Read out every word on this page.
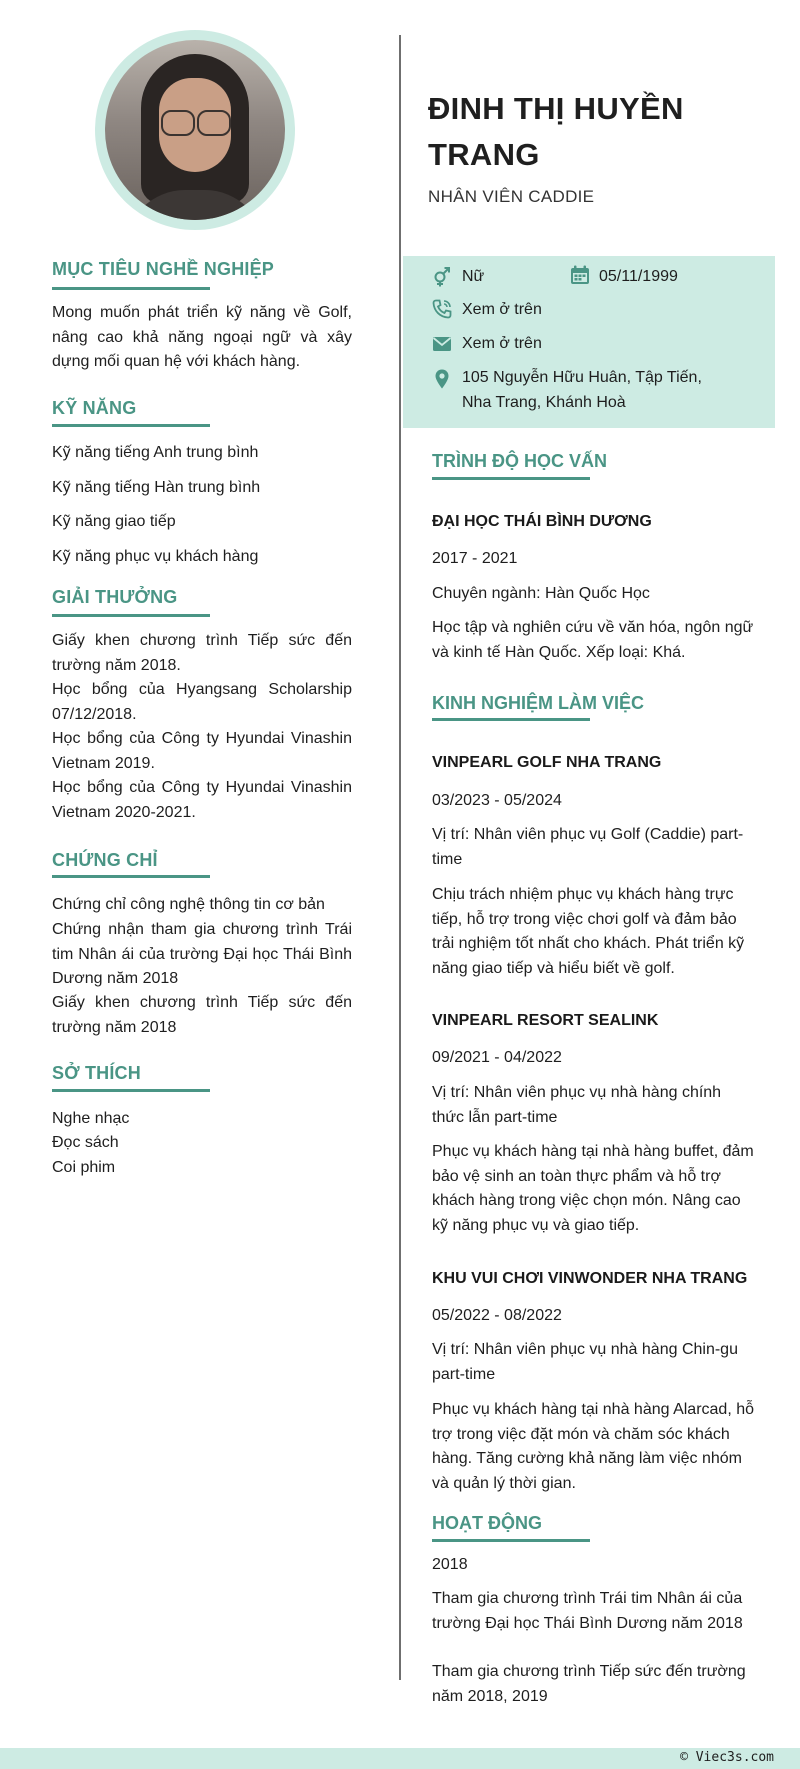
MỤC TIÊU NGHỀ NGHIỆP
Mong muốn phát triển kỹ năng về Golf, nâng cao khả năng ngoại ngữ và xây dựng mối quan hệ với khách hàng.
KỸ NĂNG
Kỹ năng tiếng Anh trung bình
Kỹ năng tiếng Hàn trung bình
Kỹ năng giao tiếp
Kỹ năng phục vụ khách hàng
GIẢI THƯỞNG
Giấy khen chương trình Tiếp sức đến trường năm 2018.
Học bổng của Hyangsang Scholarship 07/12/2018.
Học bổng của Công ty Hyundai Vinashin Vietnam 2019.
Học bổng của Công ty Hyundai Vinashin Vietnam 2020-2021.
CHỨNG CHỈ
Chứng chỉ công nghệ thông tin cơ bản
Chứng nhận tham gia chương trình Trái tim Nhân ái của trường Đại học Thái Bình Dương năm 2018
Giấy khen chương trình Tiếp sức đến trường năm 2018
SỞ THÍCH
Nghe nhạc
Đọc sách
Coi phim
ĐINH THỊ HUYỀN TRANG
NHÂN VIÊN CADDIE
Nữ	05/11/1999
Xem ở trên
Xem ở trên
105 Nguyễn Hữu Huân, Tập Tiến, Nha Trang, Khánh Hoà
TRÌNH ĐỘ HỌC VẤN
ĐẠI HỌC THÁI BÌNH DƯƠNG
2017 - 2021
Chuyên ngành: Hàn Quốc Học
Học tập và nghiên cứu về văn hóa, ngôn ngữ và kinh tế Hàn Quốc. Xếp loại: Khá.
KINH NGHIỆM LÀM VIỆC
VINPEARL GOLF NHA TRANG
03/2023 - 05/2024
Vị trí: Nhân viên phục vụ Golf (Caddie) part-time
Chịu trách nhiệm phục vụ khách hàng trực tiếp, hỗ trợ trong việc chơi golf và đảm bảo trải nghiệm tốt nhất cho khách. Phát triển kỹ năng giao tiếp và hiểu biết về golf.
VINPEARL RESORT SEALINK
09/2021 - 04/2022
Vị trí: Nhân viên phục vụ nhà hàng chính thức lẫn part-time
Phục vụ khách hàng tại nhà hàng buffet, đảm bảo vệ sinh an toàn thực phẩm và hỗ trợ khách hàng trong việc chọn món. Nâng cao kỹ năng phục vụ và giao tiếp.
KHU VUI CHƠI VINWONDER NHA TRANG
05/2022 - 08/2022
Vị trí: Nhân viên phục vụ nhà hàng Chin-gu part-time
Phục vụ khách hàng tại nhà hàng Alarcad, hỗ trợ trong việc đặt món và chăm sóc khách hàng. Tăng cường khả năng làm việc nhóm và quản lý thời gian.
HOẠT ĐỘNG
2018
Tham gia chương trình Trái tim Nhân ái của trường Đại học Thái Bình Dương năm 2018
Tham gia chương trình Tiếp sức đến trường năm 2018, 2019
© Viec3s.com
